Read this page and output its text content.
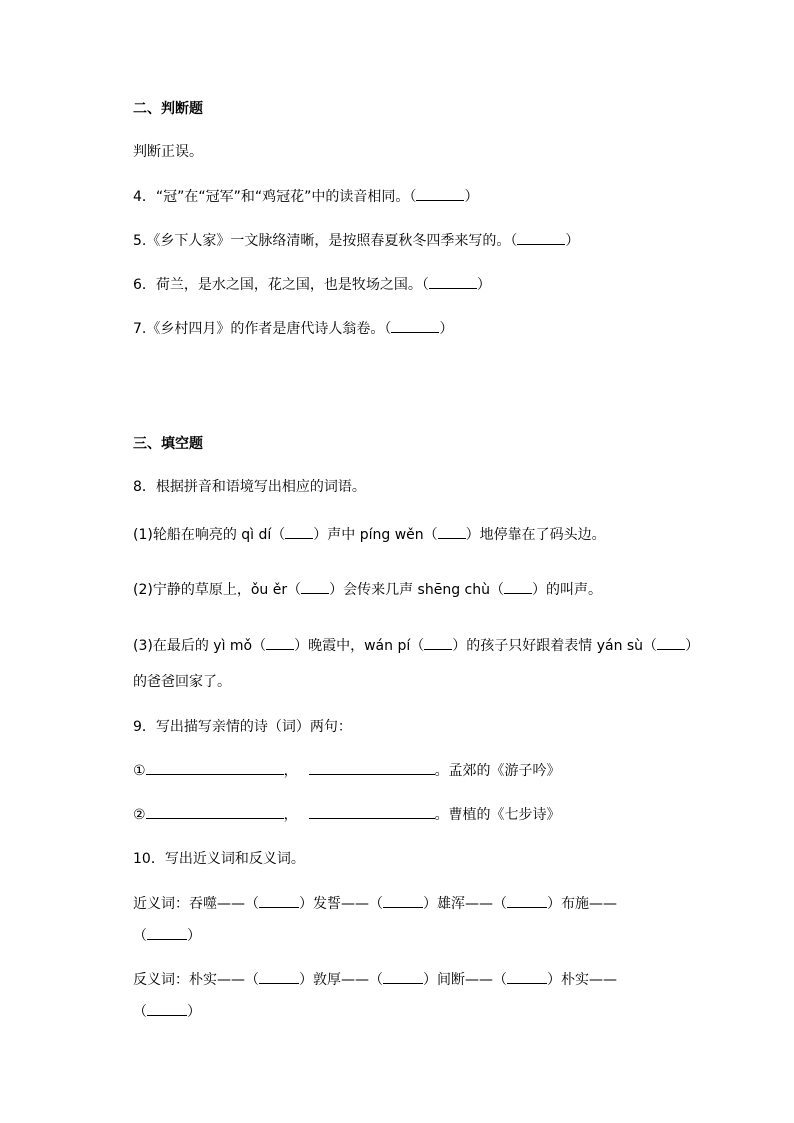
二、判断题
判断正误。
4．“冠”在“冠军”和“鸡冠花”中的读音相同。（	）
5.《乡下人家》一文脉络清晰，是按照春夏秋冬四季来写的。（	）
6．荷兰，是水之国，花之国，也是牧场之国。（	）
7.《乡村四月》的作者是唐代诗人翁卷。（	）
三、填空题
8．根据拼音和语境写出相应的词语。
(1)轮船在响亮的 qì dí（ ）声中 píng wěn（ ）地停靠在了码头边。
(2)宁静的草原上，ǒu ěr（ ）会传来几声 shēng chù（ ）的叫声。
(3)在最后的 yì mǒ（ ）晚霞中，wán pí（ ）的孩子只好跟着表情 yán sù（ ）
的爸爸回家了。
9．写出描写亲情的诗（词）两句：
①	，	。孟郊的《游子吟》
②	，	。曹植的《七步诗》
10．写出近义词和反义词。
近义词：吞噬——（	）发誓——（	）雄浑——（	）布施——
（	）
反义词：朴实——（	）敦厚——（	）间断——（	）朴实——
（	）
